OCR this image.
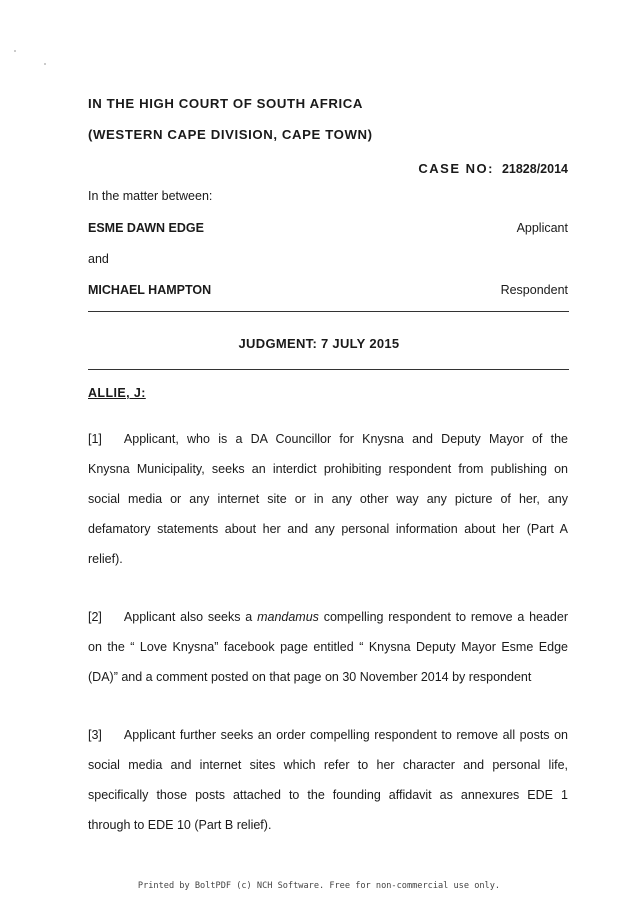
IN THE HIGH COURT OF SOUTH AFRICA
(WESTERN CAPE DIVISION, CAPE TOWN)
CASE NO: 21828/2014
In the matter between:
ESME DAWN EDGE	Applicant
and
MICHAEL HAMPTON	Respondent
JUDGMENT: 7 JULY 2015
ALLIE, J:
[1] Applicant, who is a DA Councillor for Knysna and Deputy Mayor of the
Knysna Municipality, seeks an interdict prohibiting respondent from publishing on
social media or any internet site or in any other way any picture of her, any
defamatory statements about her and any personal information about her (Part A
relief).
[2] Applicant also seeks a mandamus compelling respondent to remove a header
on the “ Love Knysna” facebook page entitled “ Knysna Deputy Mayor Esme Edge
(DA)” and a comment posted on that page on 30 November 2014 by respondent
[3] Applicant further seeks an order compelling respondent to remove all posts on
social media and internet sites which refer to her character and personal life,
specifically those posts attached to the founding affidavit as annexures EDE 1
through to EDE 10 (Part B relief).
Printed by BoltPDF (c) NCH Software. Free for non-commercial use only.
